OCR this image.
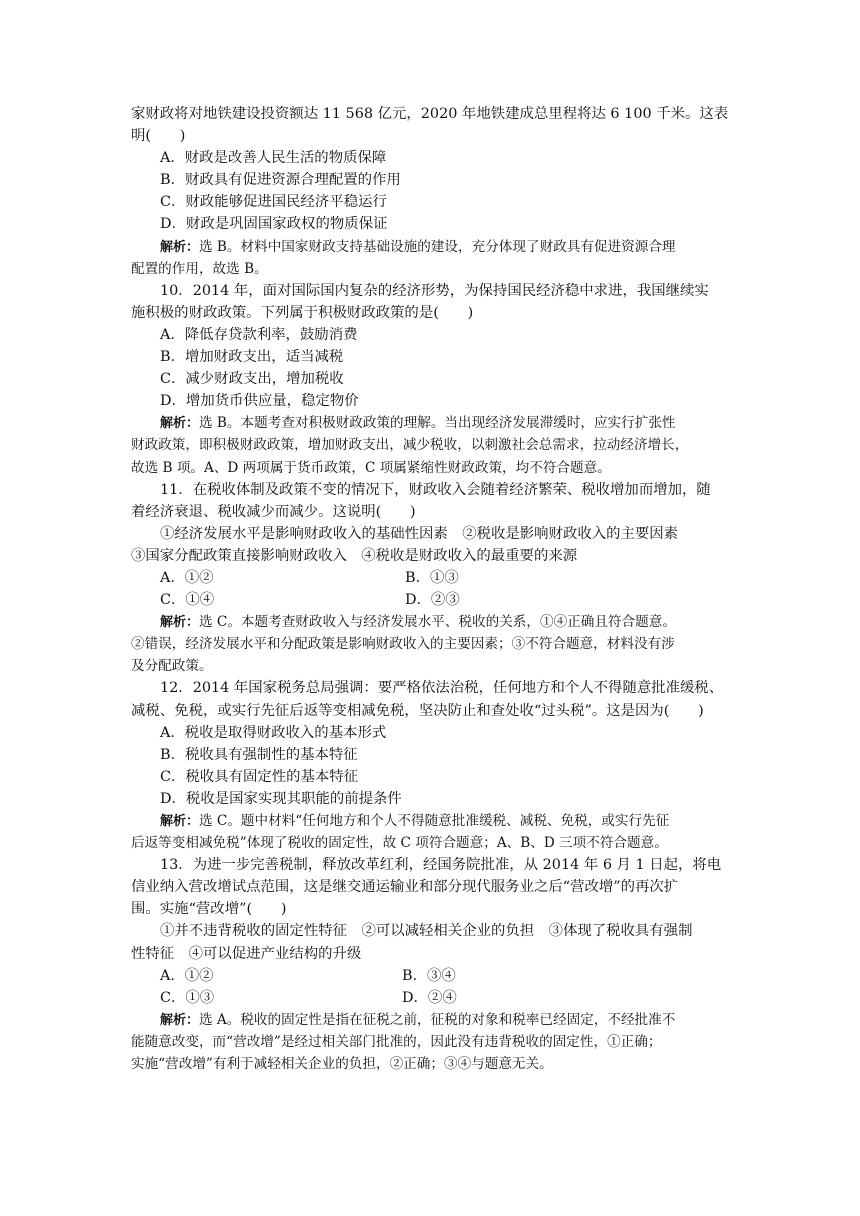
家财政将对地铁建设投资额达 11 568 亿元，2020 年地铁建成总里程将达 6 100 千米。这表
明(　　)
A．财政是改善人民生活的物质保障
B．财政具有促进资源合理配置的作用
C．财政能够促进国民经济平稳运行
D．财政是巩固国家政权的物质保证
解析：选 B。材料中国家财政支持基础设施的建设，充分体现了财政具有促进资源合理
配置的作用，故选 B。
10．2014 年，面对国际国内复杂的经济形势，为保持国民经济稳中求进，我国继续实
施积极的财政政策。下列属于积极财政政策的是(　　)
A．降低存贷款利率，鼓励消费
B．增加财政支出，适当减税
C．减少财政支出，增加税收
D．增加货币供应量，稳定物价
解析：选 B。本题考查对积极财政政策的理解。当出现经济发展滞缓时，应实行扩张性
财政政策，即积极财政政策，增加财政支出，减少税收，以刺激社会总需求，拉动经济增长，
故选 B 项。A、D 两项属于货币政策，C 项属紧缩性财政政策，均不符合题意。
11．在税收体制及政策不变的情况下，财政收入会随着经济繁荣、税收增加而增加，随
着经济衰退、税收减少而减少。这说明(　　)
①经济发展水平是影响财政收入的基础性因素　②税收是影响财政收入的主要因素
③国家分配政策直接影响财政收入　④税收是财政收入的最重要的来源
A．①②	B．①③
C．①④	D．②③
解析：选 C。本题考查财政收入与经济发展水平、税收的关系，①④正确且符合题意。
②错误，经济发展水平和分配政策是影响财政收入的主要因素；③不符合题意，材料没有涉
及分配政策。
12．2014 年国家税务总局强调：要严格依法治税，任何地方和个人不得随意批准缓税、
减税、免税，或实行先征后返等变相减免税，坚决防止和查处收“过头税”。这是因为(　　)
A．税收是取得财政收入的基本形式
B．税收具有强制性的基本特征
C．税收具有固定性的基本特征
D．税收是国家实现其职能的前提条件
解析：选 C。题中材料“任何地方和个人不得随意批准缓税、减税、免税，或实行先征
后返等变相减免税”体现了税收的固定性，故 C 项符合题意；A、B、D 三项不符合题意。
13．为进一步完善税制，释放改革红利，经国务院批准，从 2014 年 6 月 1 日起，将电
信业纳入营改增试点范围，这是继交通运输业和部分现代服务业之后“营改增”的再次扩
围。实施“营改增”(　　)
①并不违背税收的固定性特征　②可以减轻相关企业的负担　③体现了税收具有强制
性特征　④可以促进产业结构的升级
A．①②	B．③④
C．①③	D．②④
解析：选 A。税收的固定性是指在征税之前，征税的对象和税率已经固定，不经批准不
能随意改变，而“营改增”是经过相关部门批准的，因此没有违背税收的固定性，①正确；
实施“营改增”有利于减轻相关企业的负担，②正确；③④与题意无关。
